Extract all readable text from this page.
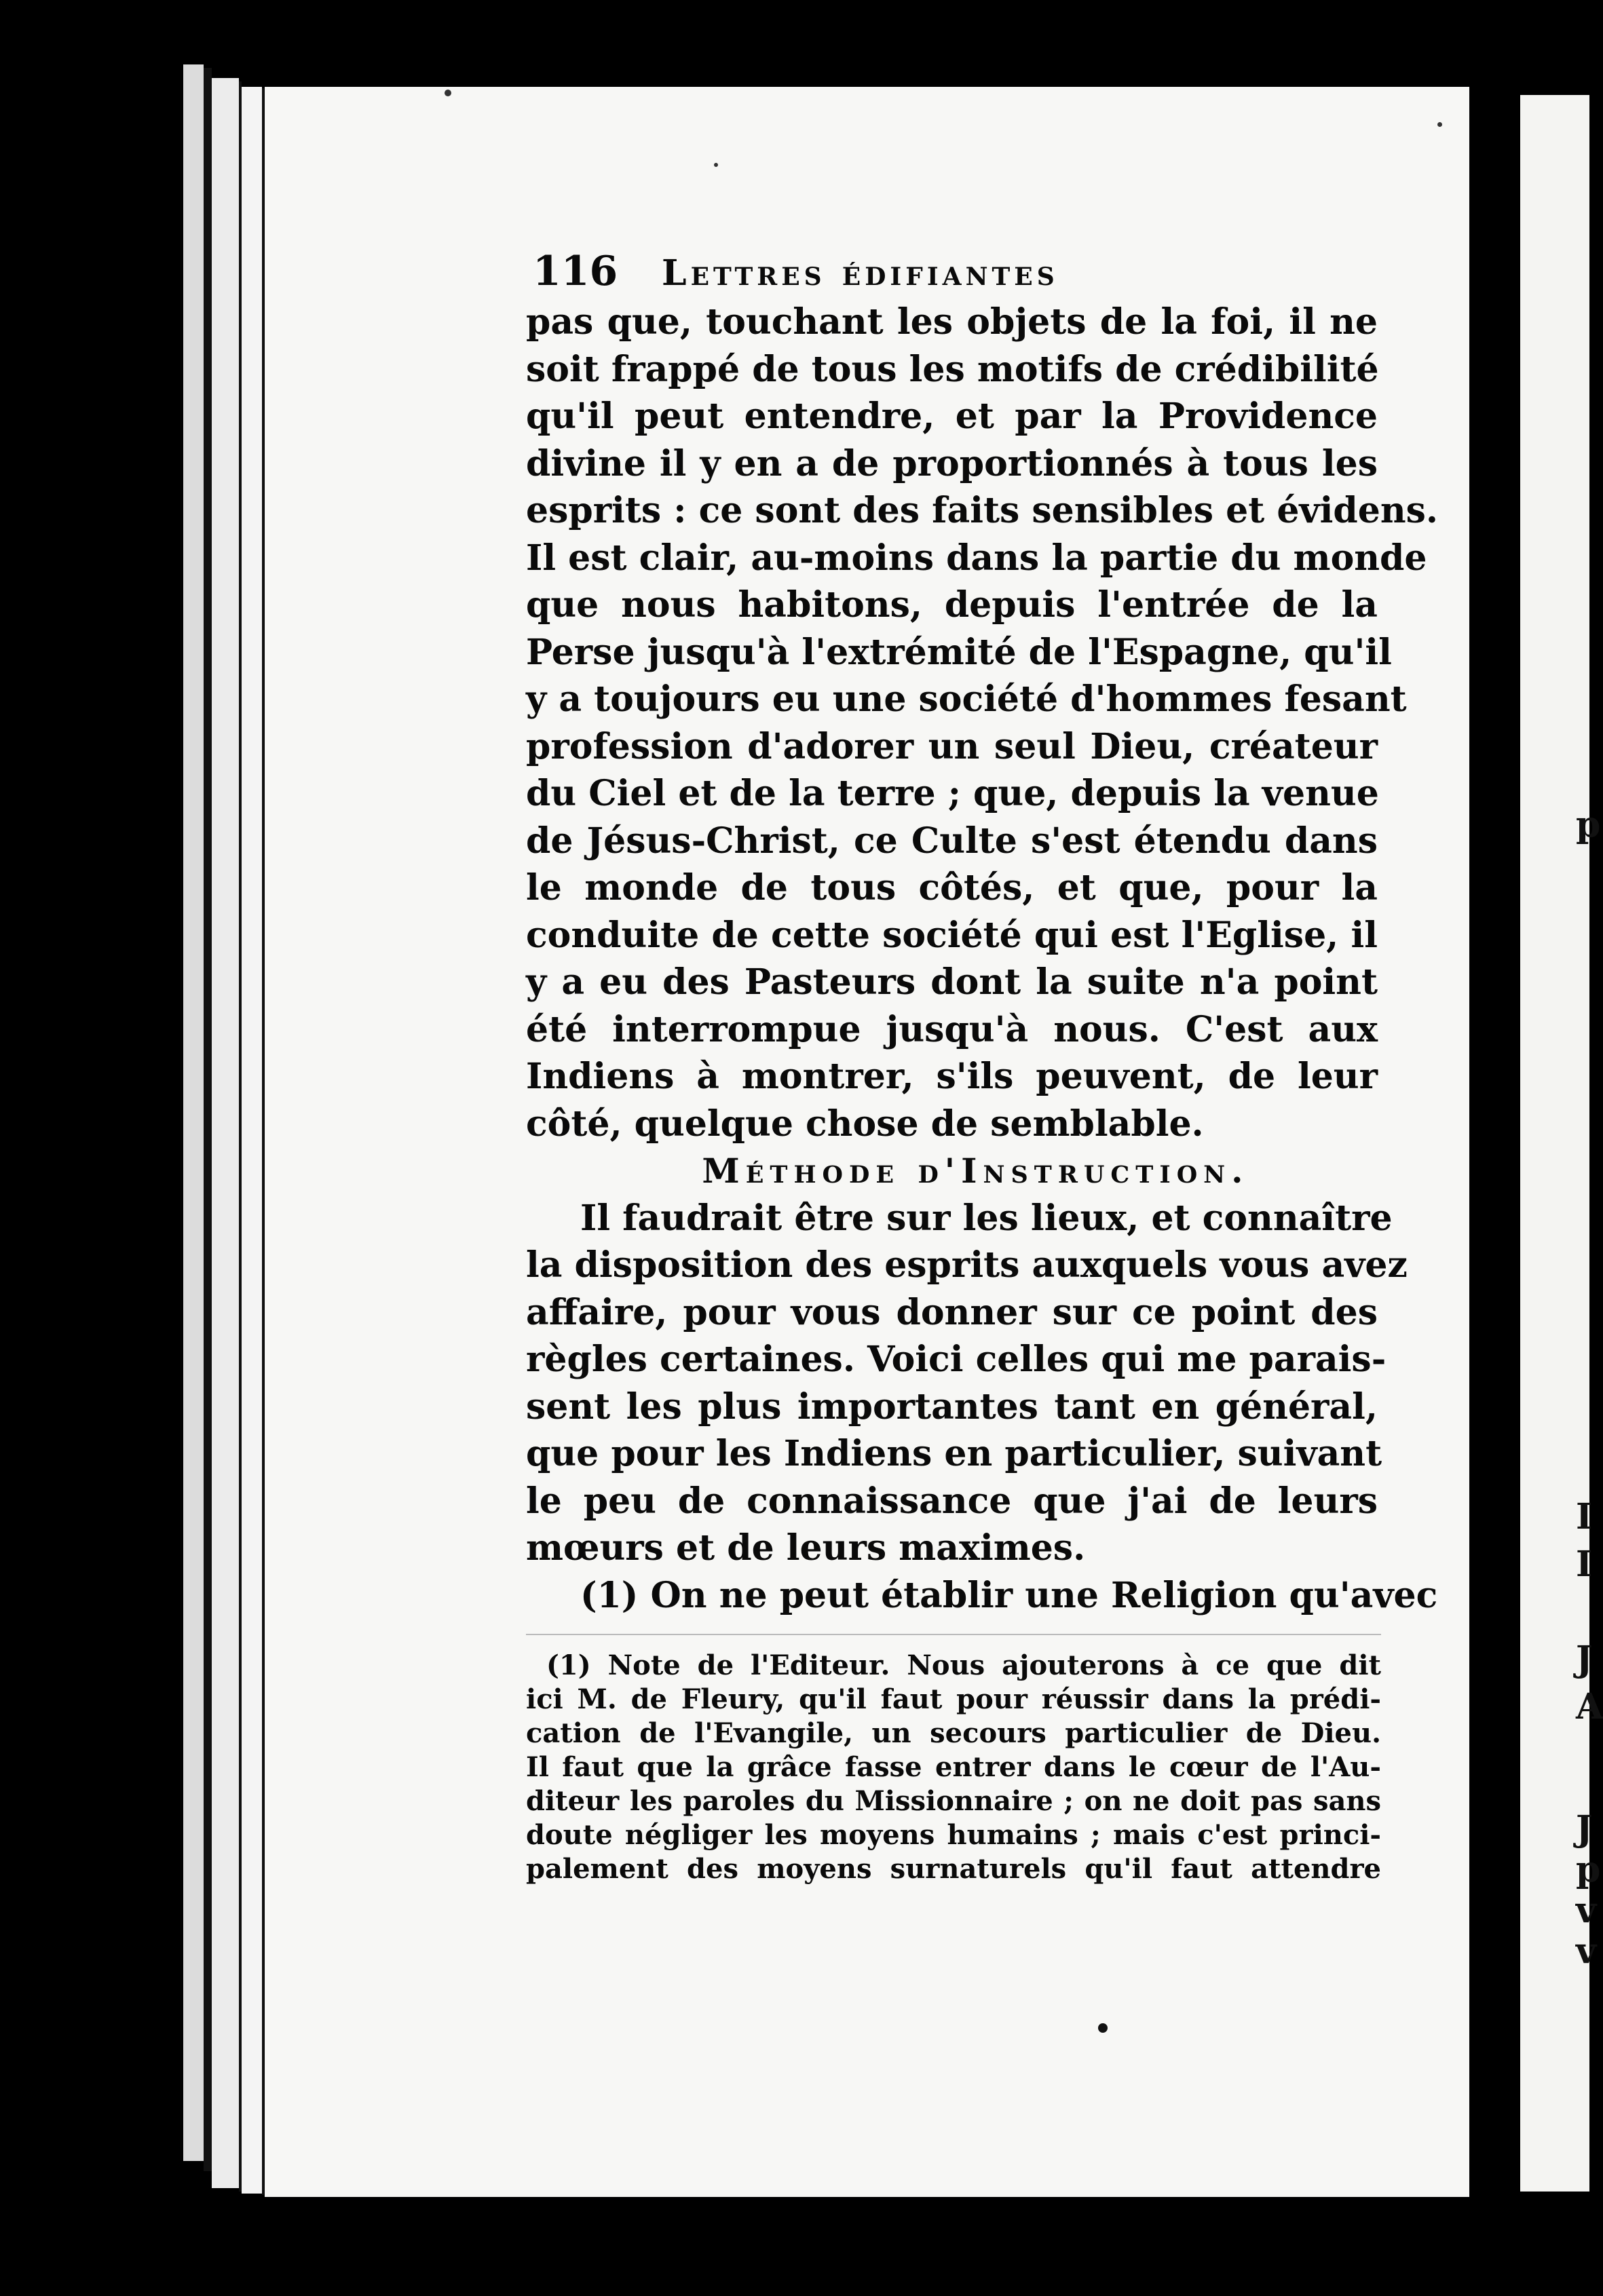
116 Lettres édifiantes
pas que, touchant les objets de la foi, il ne
soit frappé de tous les motifs de crédibilité
qu'il peut entendre, et par la Providence
divine il y en a de proportionnés à tous les
esprits : ce sont des faits sensibles et évidens.
Il est clair, au-moins dans la partie du monde
que nous habitons, depuis l'entrée de la
Perse jusqu'à l'extrémité de l'Espagne, qu'il
y a toujours eu une société d'hommes fesant
profession d'adorer un seul Dieu, créateur
du Ciel et de la terre ; que, depuis la venue
de Jésus-Christ, ce Culte s'est étendu dans
le monde de tous côtés, et que, pour la
conduite de cette société qui est l'Eglise, il
y a eu des Pasteurs dont la suite n'a point
été interrompue jusqu'à nous. C'est aux
Indiens à montrer, s'ils peuvent, de leur
côté, quelque chose de semblable.
Méthode d'Instruction.
Il faudrait être sur les lieux, et connaître
la disposition des esprits auxquels vous avez
affaire, pour vous donner sur ce point des
règles certaines. Voici celles qui me parais-
sent les plus importantes tant en général,
que pour les Indiens en particulier, suivant
le peu de connaissance que j'ai de leurs
mœurs et de leurs maximes.
(1) On ne peut établir une Religion qu'avec
(1) Note de l'Editeur. Nous ajouterons à ce que dit
ici M. de Fleury, qu'il faut pour réussir dans la prédi-
cation de l'Evangile, un secours particulier de Dieu.
Il faut que la grâce fasse entrer dans le cœur de l'Au-
diteur les paroles du Missionnaire ; on ne doit pas sans
doute négliger les moyens humains ; mais c'est princi-
palement des moyens surnaturels qu'il faut attendre
p
I
I
J
A
J
p
v
v
